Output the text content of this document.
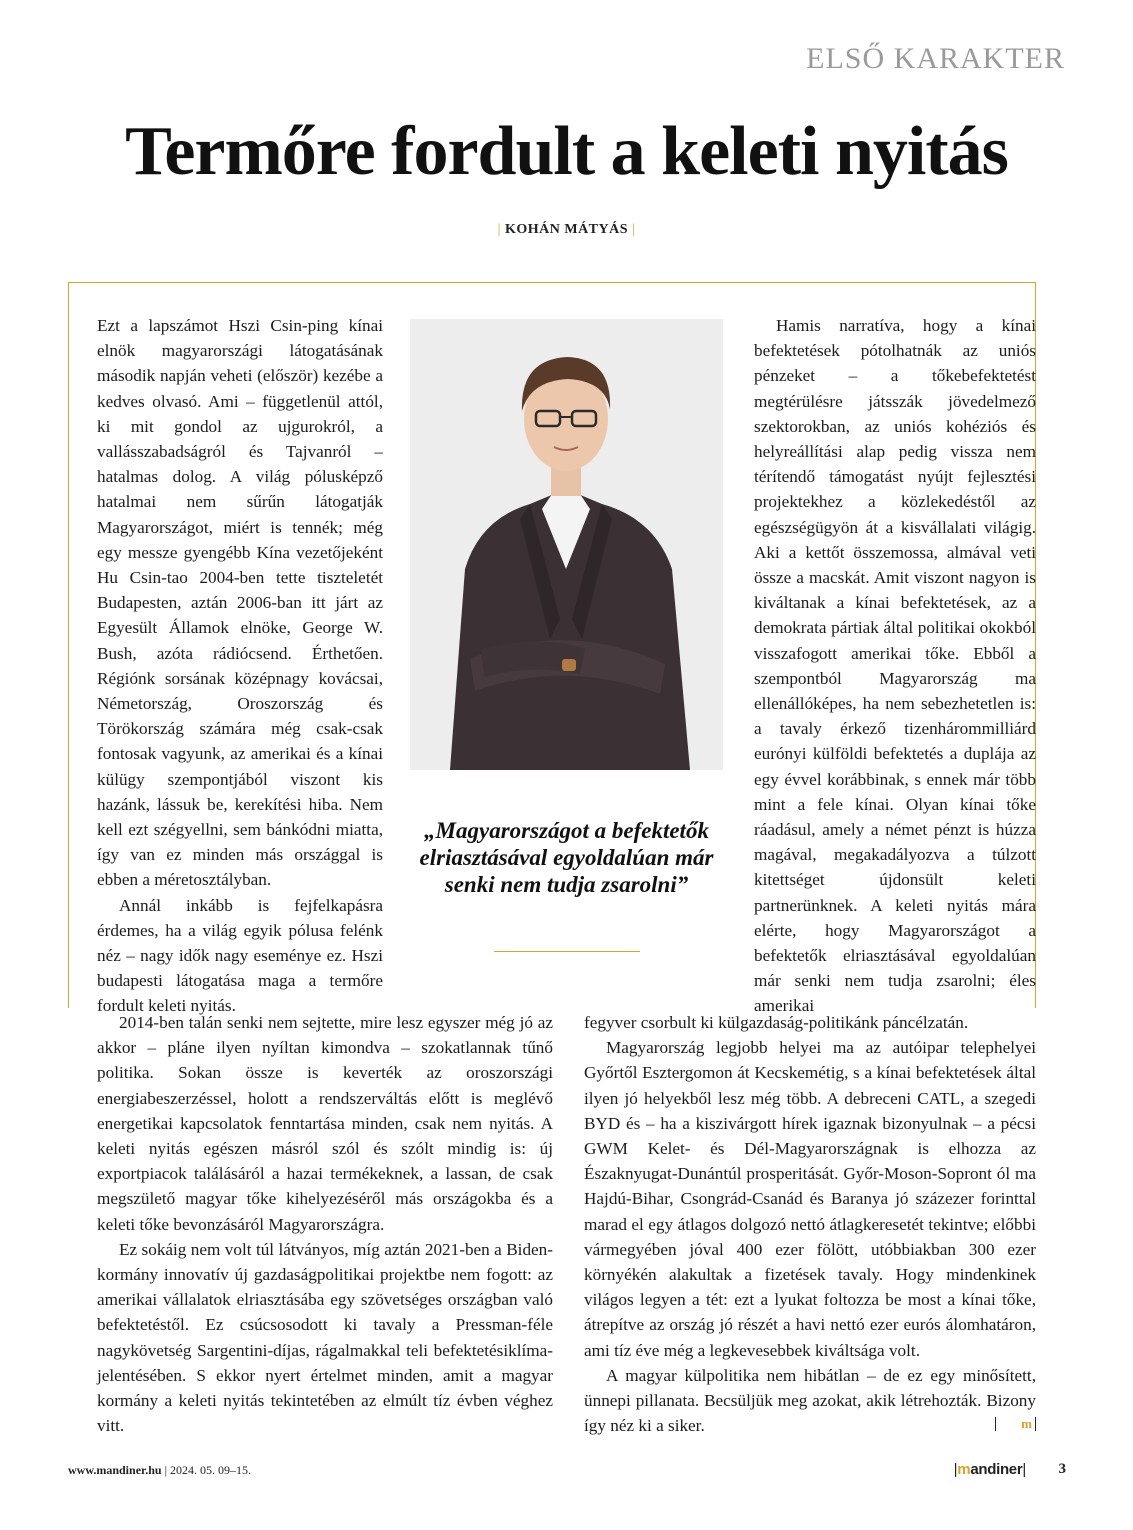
ELSŐ KARAKTER
Termőre fordult a keleti nyitás
| KOHÁN MÁTYÁS |

Ezt a lapszámot Hszi Csin-ping kínai elnök magyarországi látogatásának második napján veheti (először) kezébe a kedves olvasó. Ami – függetlenül attól, ki mit gondol az ujgurokról, a vallásszabadságról és Tajvanról – hatalmas dolog. A világ pólusképző hatalmai nem sűrűn látogatják Magyarországot, miért is tennék; még egy messze gyengébb Kína vezetőjeként Hu Csin-tao 2004-ben tette tiszteletét Budapesten, aztán 2006-ban itt járt az Egyesült Államok elnöke, George W. Bush, azóta rádiócsend. Érthetően. Régiónk sorsának középnagy kovácsai, Németország, Oroszország és Törökország számára még csak-csak fontosak vagyunk, az amerikai és a kínai külügy szempontjából viszont kis hazánk, lássuk be, kerekítési hiba. Nem kell ezt szégyellni, sem bánkódni miatta, így van ez minden más országgal is ebben a méretosztályban.

Annál inkább is fejfelkapásra érdemes, ha a világ egyik pólusa felénk néz – nagy idők nagy eseménye ez. Hszi budapesti látogatása maga a termőre fordult keleti nyitás.

„Magyarországot a befektetők elriasztásával egyoldalúan már senki nem tudja zsarolni”

Hamis narratíva, hogy a kínai befektetések pótolhatnák az uniós pénzeket – a tőkebefektetést megtérülésre játsszák jövedelmező szektorokban, az uniós kohéziós és helyreállítási alap pedig vissza nem térítendő támogatást nyújt fejlesztési projektekhez a közlekedéstől az egészségügyön át a kisvállalati világig. Aki a kettőt összemossa, almával veti össze a macskát. Amit viszont nagyon is kiváltanak a kínai befektetések, az a demokrata pártiak által politikai okokból visszafogott amerikai tőke. Ebből a szempontból Magyarország ma ellenállóképes, ha nem sebezhetetlen is: a tavaly érkező tizenhárommilliárd eurónyi külföldi befektetés a duplája az egy évvel korábbinak, s ennek már több mint a fele kínai. Olyan kínai tőke ráadásul, amely a német pénzt is húzza magával, megakadályozva a túlzott kitettséget újdonsült keleti partnerünknek. A keleti nyitás mára elérte, hogy Magyarországot a befektetők elriasztásával egyoldalúan már senki nem tudja zsarolni; éles amerikai

2014-ben talán senki nem sejtette, mire lesz egyszer még jó az akkor – pláne ilyen nyíltan kimondva – szokatlannak tűnő politika. Sokan össze is keverték az oroszországi energiabeszerzéssel, holott a rendszerváltás előtt is meglévő energetikai kapcsolatok fenntartása minden, csak nem nyitás. A keleti nyitás egészen másról szól és szólt mindig is: új exportpiacok találásáról a hazai termékeknek, a lassan, de csak megszülető magyar tőke kihelyezéséről más országokba és a keleti tőke bevonzásáról Magyarországra.

Ez sokáig nem volt túl látványos, míg aztán 2021-ben a Biden-kormány innovatív új gazdaságpolitikai projektbe nem fogott: az amerikai vállalatok elriasztásába egy szövetséges országban való befektetéstől. Ez csúcsosodott ki tavaly a Pressman-féle nagykövetség Sargentini-díjas, rágalmakkal teli befektetésiklíma-jelentésében. S ekkor nyert értelmet minden, amit a magyar kormány a keleti nyitás tekintetében az elmúlt tíz évben véghez vitt.

fegyver csorbult ki külgazdaság-politikánk páncélzatán.

Magyarország legjobb helyei ma az autóipar telephelyei Győrtől Esztergomon át Kecskemétig, s a kínai befektetések által ilyen jó helyekből lesz még több. A debreceni CATL, a szegedi BYD és – ha a kiszivárgott hírek igaznak bizonyulnak – a pécsi GWM Kelet- és Dél-Magyarországnak is elhozza az Északnyugat-Dunántúl prosperitását. Győr-Moson-Sopront ól ma Hajdú-Bihar, Csongrád-Csanád és Baranya jó százezer forinttal marad el egy átlagos dolgozó nettó átlagkeresetét tekintve; előbbi vármegyében jóval 400 ezer fölött, utóbbiakban 300 ezer környékén alakultak a fizetések tavaly. Hogy mindenkinek világos legyen a tét: ezt a lyukat foltozza be most a kínai tőke, átrepítve az ország jó részét a havi nettó ezer eurós álomhatáron, ami tíz éve még a legkevesebbek kiváltsága volt.

A magyar külpolitika nem hibátlan – de ez egy minősített, ünnepi pillanata. Becsüljük meg azokat, akik létrehozták. Bizony így néz ki a siker.	m

www.mandiner.hu | 2024. 05. 09–15.	|mandiner| 3
